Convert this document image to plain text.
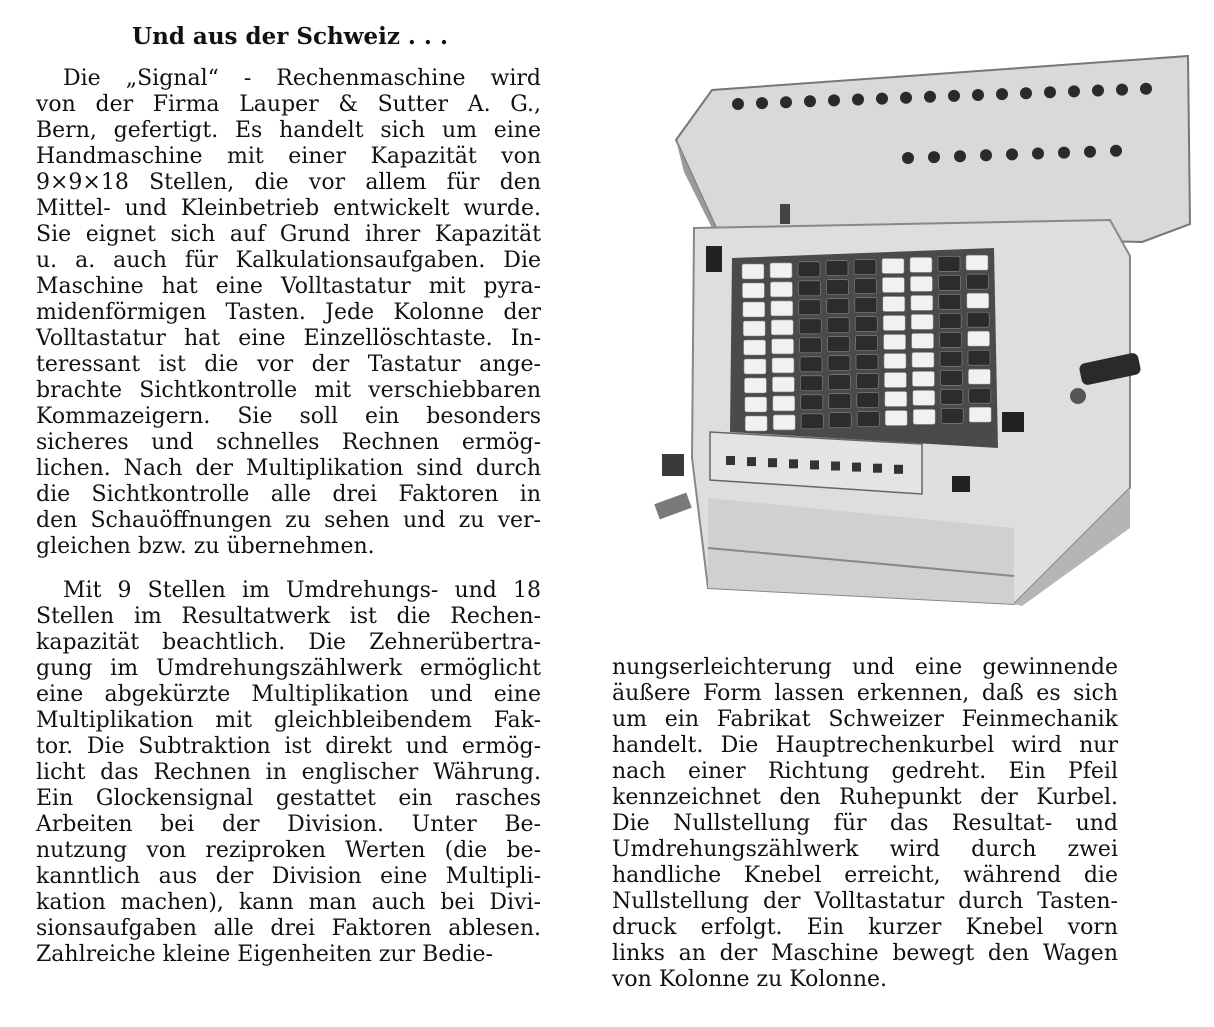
Und aus der Schweiz . . .
Die „Signal“ - Rechenmaschine wird
von der Firma Lauper & Sutter A. G.,
Bern, gefertigt. Es handelt sich um eine
Handmaschine mit einer Kapazität von
9×9×18 Stellen, die vor allem für den
Mittel- und Kleinbetrieb entwickelt wurde.
Sie eignet sich auf Grund ihrer Kapazität
u. a. auch für Kalkulationsaufgaben. Die
Maschine hat eine Volltastatur mit pyra-
midenförmigen Tasten. Jede Kolonne der
Volltastatur hat eine Einzellöschtaste. In-
teressant ist die vor der Tastatur ange-
brachte Sichtkontrolle mit verschiebbaren
Kommazeigern. Sie soll ein besonders
sicheres und schnelles Rechnen ermög-
lichen. Nach der Multiplikation sind durch
die Sichtkontrolle alle drei Faktoren in
den Schauöffnungen zu sehen und zu ver-
gleichen bzw. zu übernehmen.
Mit 9 Stellen im Umdrehungs- und 18
Stellen im Resultatwerk ist die Rechen-
kapazität beachtlich. Die Zehnerübertra-
gung im Umdrehungszählwerk ermöglicht
eine abgekürzte Multiplikation und eine
Multiplikation mit gleichbleibendem Fak-
tor. Die Subtraktion ist direkt und ermög-
licht das Rechnen in englischer Währung.
Ein Glockensignal gestattet ein rasches
Arbeiten bei der Division. Unter Be-
nutzung von reziproken Werten (die be-
kanntlich aus der Division eine Multipli-
kation machen), kann man auch bei Divi-
sionsaufgaben alle drei Faktoren ablesen.
Zahlreiche kleine Eigenheiten zur Bedie-
nungserleichterung und eine gewinnende
äußere Form lassen erkennen, daß es sich
um ein Fabrikat Schweizer Feinmechanik
handelt. Die Hauptrechenkurbel wird nur
nach einer Richtung gedreht. Ein Pfeil
kennzeichnet den Ruhepunkt der Kurbel.
Die Nullstellung für das Resultat- und
Umdrehungszählwerk wird durch zwei
handliche Knebel erreicht, während die
Nullstellung der Volltastatur durch Tasten-
druck erfolgt. Ein kurzer Knebel vorn
links an der Maschine bewegt den Wagen
von Kolonne zu Kolonne.
